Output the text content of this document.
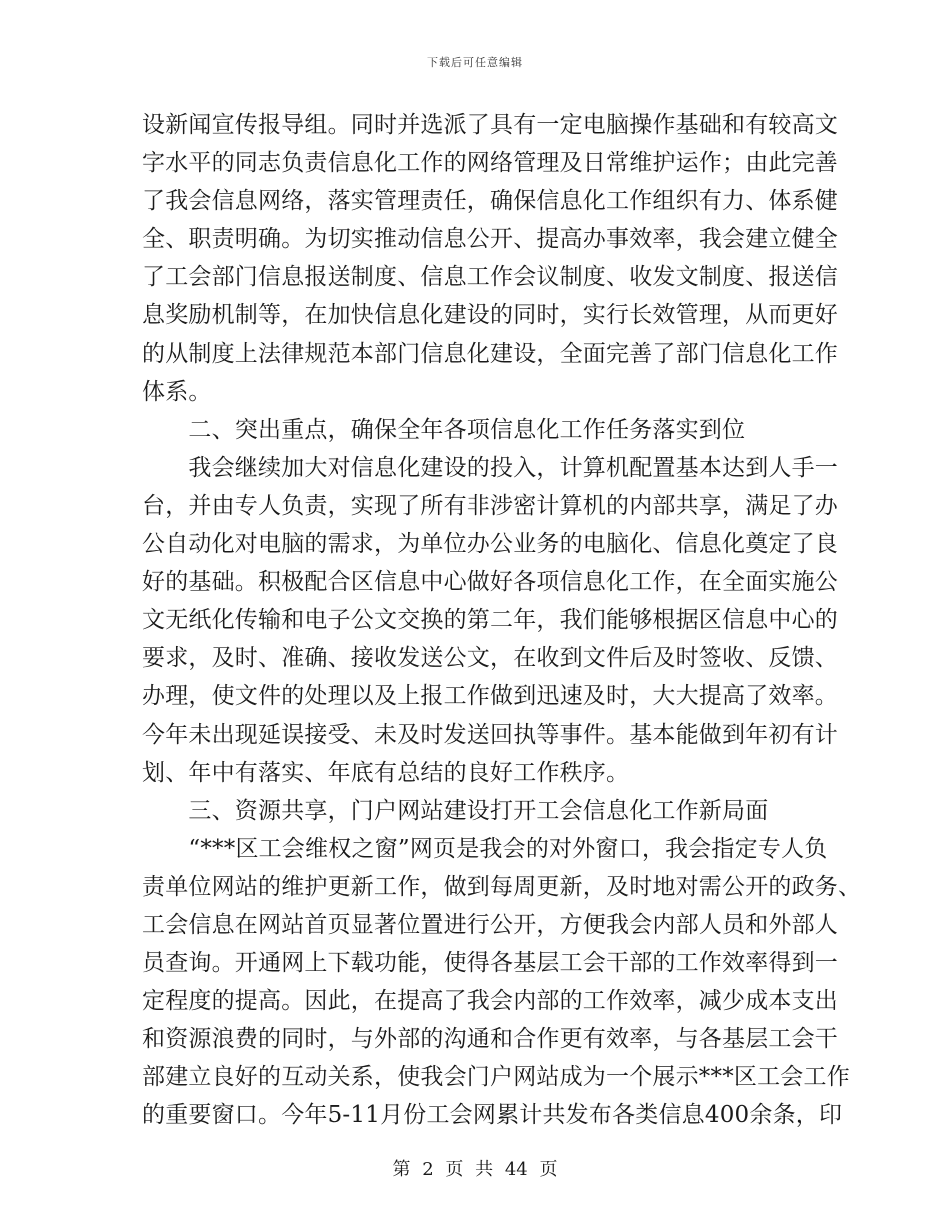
下载后可任意编辑
设新闻宣传报导组。同时并选派了具有一定电脑操作基础和有较高文
字水平的同志负责信息化工作的网络管理及日常维护运作；由此完善
了我会信息网络，落实管理责任，确保信息化工作组织有力、体系健
全、职责明确。为切实推动信息公开、提高办事效率，我会建立健全
了工会部门信息报送制度、信息工作会议制度、收发文制度、报送信
息奖励机制等，在加快信息化建设的同时，实行长效管理，从而更好
的从制度上法律规范本部门信息化建设，全面完善了部门信息化工作
体系。
　　二、突出重点，确保全年各项信息化工作任务落实到位
　　我会继续加大对信息化建设的投入，计算机配置基本达到人手一
台，并由专人负责，实现了所有非涉密计算机的内部共享，满足了办
公自动化对电脑的需求，为单位办公业务的电脑化、信息化奠定了良
好的基础。积极配合区信息中心做好各项信息化工作，在全面实施公
文无纸化传输和电子公文交换的第二年，我们能够根据区信息中心的
要求，及时、准确、接收发送公文，在收到文件后及时签收、反馈、
办理，使文件的处理以及上报工作做到迅速及时，大大提高了效率。
今年未出现延误接受、未及时发送回执等事件。基本能做到年初有计
划、年中有落实、年底有总结的良好工作秩序。
　　三、资源共享，门户网站建设打开工会信息化工作新局面
　　“***区工会维权之窗”网页是我会的对外窗口，我会指定专人负
责单位网站的维护更新工作，做到每周更新，及时地对需公开的政务、
工会信息在网站首页显著位置进行公开，方便我会内部人员和外部人
员查询。开通网上下载功能，使得各基层工会干部的工作效率得到一
定程度的提高。因此，在提高了我会内部的工作效率，减少成本支出
和资源浪费的同时，与外部的沟通和合作更有效率，与各基层工会干
部建立良好的互动关系，使我会门户网站成为一个展示***区工会工作
的重要窗口。今年5-11月份工会网累计共发布各类信息400余条，印
第 2 页 共 44 页
